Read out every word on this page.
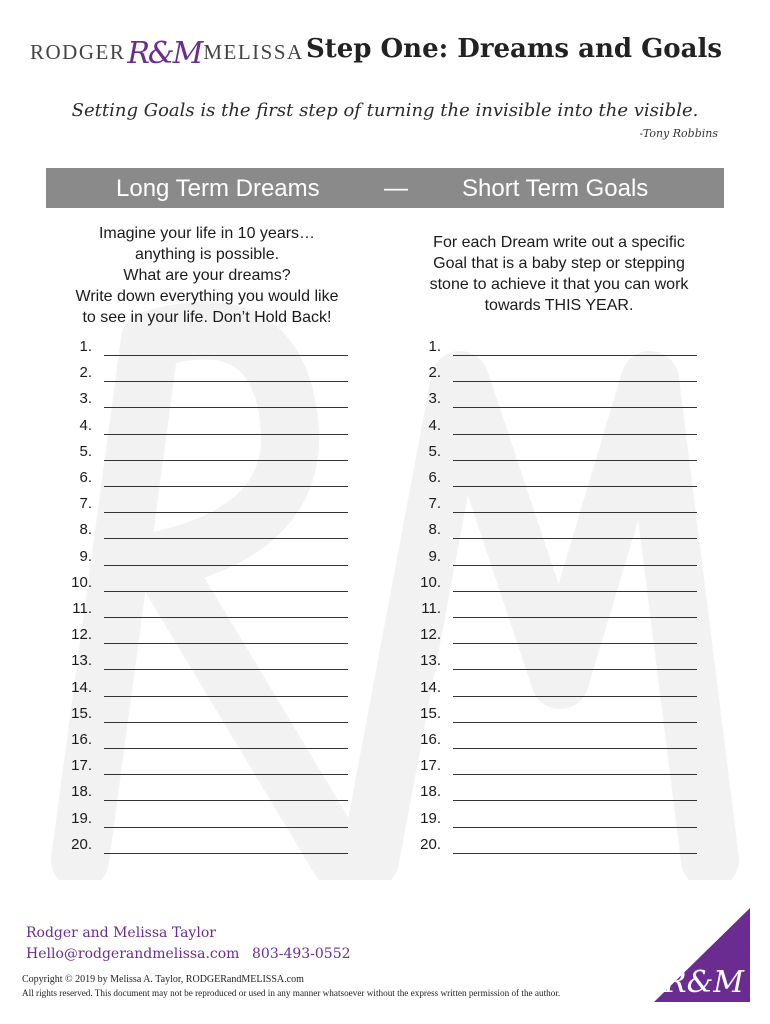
RODGERR&MMELISSA Step One: Dreams and Goals
Setting Goals is the first step of turning the invisible into the visible.
-Tony Robbins
Long Term Dreams	— Short Term Goals
Imagine your life in 10 years…
anything is possible.
What are your dreams?
Write down everything you would like
to see in your life. Don’t Hold Back!
For each Dream write out a specific
Goal that is a baby step or stepping
stone to achieve it that you can work
towards THIS YEAR.
1.
2.
3.
4.
5.
6.
7.
8.
9.
10.
11.
12.
13.
14.
15.
16.
17.
18.
19.
20.
1.
2.
3.
4.
5.
6.
7.
8.
9.
10.
11.
12.
13.
14.
15.
16.
17.
18.
19.
20.
Rodger and Melissa Taylor
Hello@rodgerandmelissa.com 803-493-0552
Copyright © 2019 by Melissa A. Taylor, RODGERandMELISSA.com
All rights reserved. This document may not be reproduced or used in any manner whatsoever without the express written permission of the author.	R&M
